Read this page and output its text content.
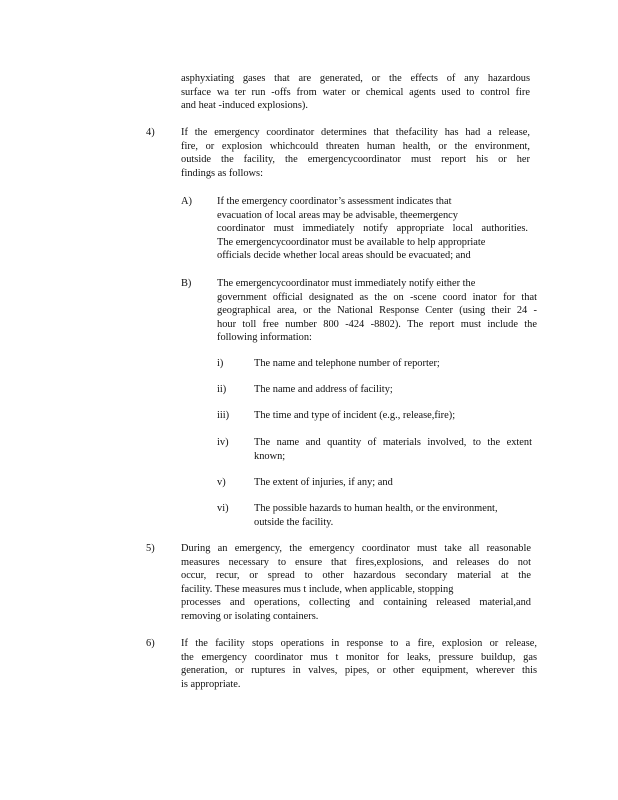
asphyxiating gases that are generated, or the effects of any hazardous
surface wa ter run -offs from water or chemical agents used to control fire
and heat -induced explosions).
4)	If the emergency coordinator determines that thefacility has had a release,
fire, or explosion whichcould threaten human health, or the environment,
outside the facility, the emergencycoordinator must report his or her
findings as follows:
A) If the emergency coordinator’s assessment indicates that
evacuation of local areas may be advisable, theemergency
coordinator must immediately notify appropriate local authorities.
The emergencycoordinator must be available to help appropriate
officials decide whether local areas should be evacuated; and
B) The emergencycoordinator must immediately notify either the
government official designated as the on -scene coord inator for that
geographical area, or the National Response Center (using their 24 -
hour toll free number 800 -424 -8802). The report must include the
following information:
i)	The name and telephone number of reporter;
ii)	The name and address of facility;
iii) The time and type of incident (e.g., release,fire);
iv) The name and quantity of materials involved, to the extent
known;
v)	The extent of injuries, if any; and
vi) The possible hazards to human health, or the environment,
outside the facility.
5)	During an emergency, the emergency coordinator must take all reasonable
measures necessary to ensure that fires,explosions, and releases do not
occur, recur, or spread to other hazardous secondary material at the
facility. These measures mus t include, when applicable, stopping
processes and operations, collecting and containing released material,and
removing or isolating containers.
6)	If the facility stops operations in response to a fire, explosion or release,
the emergency coordinator mus t monitor for leaks, pressure buildup, gas
generation, or ruptures in valves, pipes, or other equipment, wherever this
is appropriate.
